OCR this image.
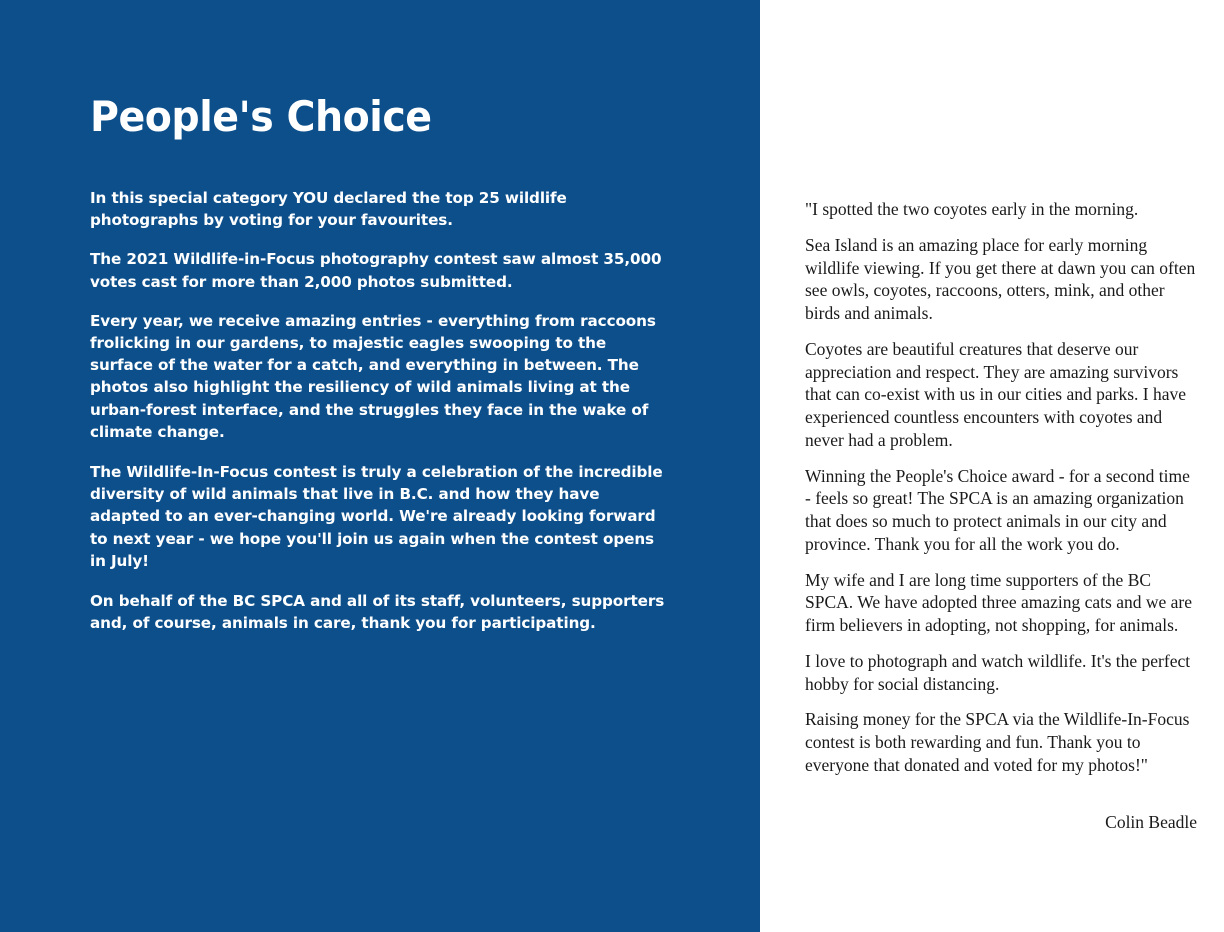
People's Choice

In this special category YOU declared the top 25 wildlife photographs by voting for your favourites.

The 2021 Wildlife-in-Focus photography contest saw almost 35,000 votes cast for more than 2,000 photos submitted.

Every year, we receive amazing entries - everything from raccoons frolicking in our gardens, to majestic eagles swooping to the surface of the water for a catch, and everything in between. The photos also highlight the resiliency of wild animals living at the urban-forest interface, and the struggles they face in the wake of climate change.

The Wildlife-In-Focus contest is truly a celebration of the incredible diversity of wild animals that live in B.C. and how they have adapted to an ever-changing world. We're already looking forward to next year - we hope you'll join us again when the contest opens in July!

On behalf of the BC SPCA and all of its staff, volunteers, supporters and, of course, animals in care, thank you for participating.

"I spotted the two coyotes early in the morning.

Sea Island is an amazing place for early morning wildlife viewing. If you get there at dawn you can often see owls, coyotes, raccoons, otters, mink, and other birds and animals.

Coyotes are beautiful creatures that deserve our appreciation and respect. They are amazing survivors that can co-exist with us in our cities and parks. I have experienced countless encounters with coyotes and never had a problem.

Winning the People's Choice award - for a second time - feels so great! The SPCA is an amazing organization that does so much to protect animals in our city and province. Thank you for all the work you do.

My wife and I are long time supporters of the BC SPCA. We have adopted three amazing cats and we are firm believers in adopting, not shopping, for animals.

I love to photograph and watch wildlife. It's the perfect hobby for social distancing.

Raising money for the SPCA via the Wildlife-In-Focus contest is both rewarding and fun. Thank you to everyone that donated and voted for my photos!"

Colin Beadle
